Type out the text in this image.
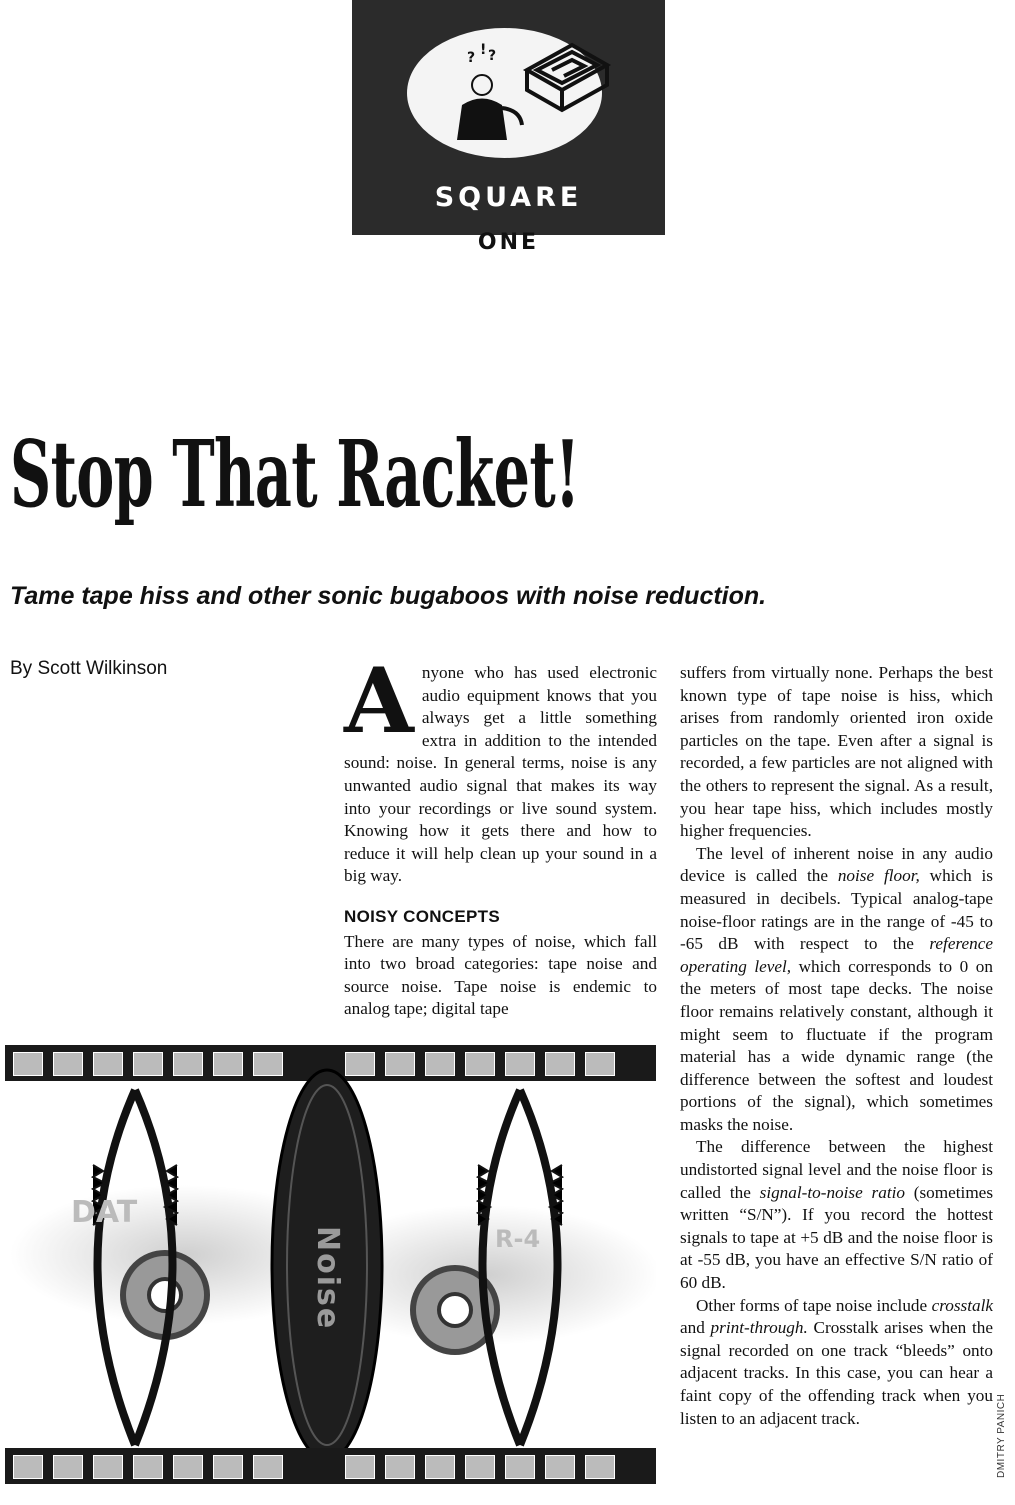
? ! ?
SQUARE
ONE
Stop That Racket!
Tame tape hiss and other sonic bugaboos with noise reduction.
By Scott Wilkinson Anyone who has used electronic audio equipment knows that you always get a little something extra in addition to the intended sound: noise. In general terms, noise is any unwanted audio signal that makes its way into your recordings or live sound system. Knowing how it gets there and how to reduce it will help clean up your sound in a big way.

NOISY CONCEPTS

There are many types of noise, which fall into two broad categories: tape noise and source noise. Tape noise is endemic to analog tape; digital tape

suffers from virtually none. Perhaps the best known type of tape noise is hiss, which arises from randomly oriented iron oxide particles on the tape. Even after a signal is recorded, a few particles are not aligned with the others to represent the signal. As a result, you hear tape hiss, which includes mostly higher frequencies.

The level of inherent noise in any audio device is called the noise floor, which is measured in decibels. Typical analog-tape noise-floor ratings are in the range of -45 to -65 dB with respect to the reference operating level, which corresponds to 0 on the meters of most tape decks. The noise floor remains relatively constant, although it might seem to fluctuate if the program material has a wide dynamic range (the difference between the softest and loudest portions of the signal), which sometimes masks the noise.

The difference between the highest undistorted signal level and the noise floor is called the signal-to-noise ratio (sometimes written “S/N”). If you record the hottest signals to tape at +5 dB and the noise floor is at -55 dB, you have an effective S/N ratio of 60 dB.

Other forms of tape noise include crosstalk and print-through. Crosstalk arises when the signal recorded on one track “bleeds” onto adjacent tracks. In this case, you can hear a faint copy of the offending track when you listen to an adjacent track.

Noise
DAT
R-4
DMITRY PANICH
